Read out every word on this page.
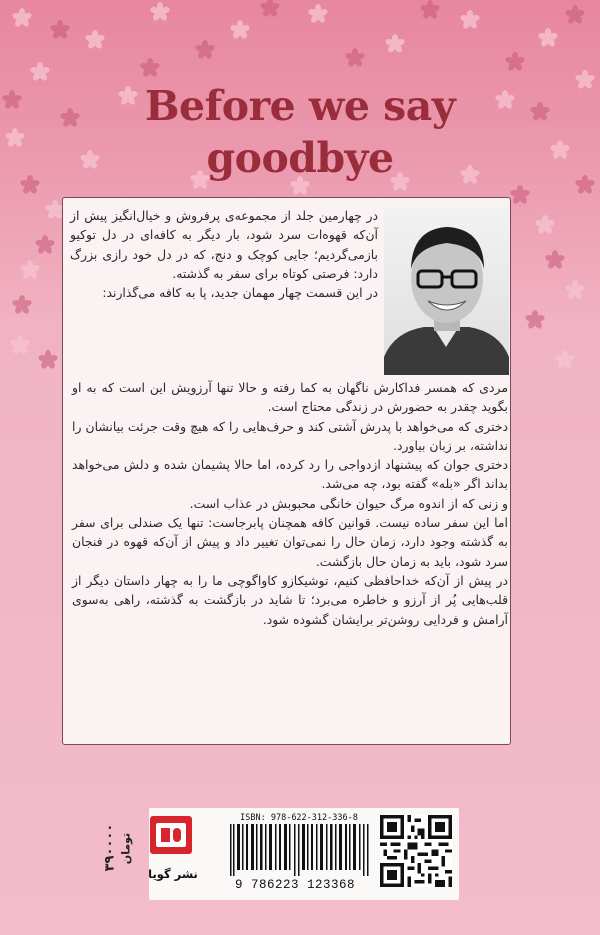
Before we say
goodbye

در چهارمین جلد از مجموعه‌ی پرفروش و خیال‌انگیز پیش از آن‌که قهوه‌ات سرد شود، بار دیگر به کافه‌ای در دل توکیو بازمی‌گردیم؛ جایی کوچک و دنج، که در دل خود رازی بزرگ دارد: فرصتی کوتاه برای سفر به گذشته.

در این قسمت چهار مهمان جدید، پا به کافه می‌گذارند:

مردی که همسر فداکارش ناگهان به کما رفته و حالا تنها آرزویش این است که به او بگوید چقدر به حضورش در زندگی محتاج است.

دختری که می‌خواهد با پدرش آشتی کند و حرف‌هایی را که هیچ وقت جرئت بیانشان را نداشته، بر زبان بیاورد.

دختری جوان که پیشنهاد ازدواجی را رد کرده، اما حالا پشیمان شده و دلش می‌خواهد بداند اگر «بله» گفته بود، چه می‌شد.

و زنی که از اندوه مرگ حیوان خانگی محبوبش در عذاب است.

اما این سفر ساده نیست. قوانین کافه همچنان پابرجاست: تنها یک صندلی برای سفر به گذشته وجود دارد، زمان حال را نمی‌توان تغییر داد و پیش از آن‌که قهوه در فنجان سرد شود، باید به زمان حال بازگشت.

در پیش از آن‌که خداحافظی کنیم، توشیکازو کاواگوچی ما را به چهار داستان دیگر از قلب‌هایی پُر از آرزو و خاطره می‌برد؛ تا شاید در بازگشت به گذشته، راهی به‌سوی آرامش و فردایی روشن‌تر برایشان گشوده شود.

ISBN: 978-622-312-336-8
9 786223 123368
نشر گویا
۳۹۰۰۰۰ تومان
